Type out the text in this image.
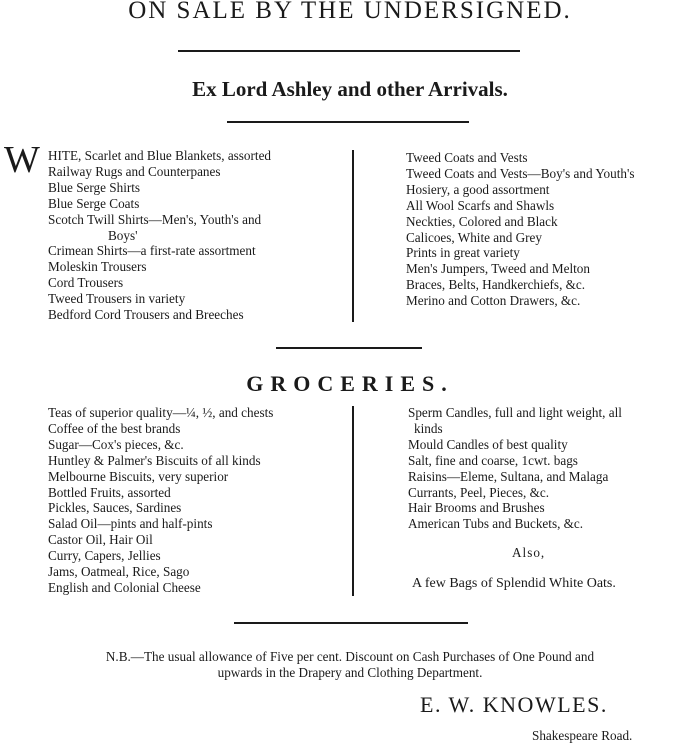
ON SALE BY THE UNDERSIGNED.
Ex Lord Ashley and other Arrivals.
W HITE, Scarlet and Blue Blankets, assorted
Railway Rugs and Counterpanes
Blue Serge Shirts
Blue Serge Coats
Scotch Twill Shirts—Men's, Youth's and
Boys'
Crimean Shirts—a first-rate assortment
Moleskin Trousers
Cord Trousers
Tweed Trousers in variety
Bedford Cord Trousers and Breeches
Tweed Coats and Vests
Tweed Coats and Vests—Boy's and Youth's
Hosiery, a good assortment
All Wool Scarfs and Shawls
Neckties, Colored and Black
Calicoes, White and Grey
Prints in great variety
Men's Jumpers, Tweed and Melton
Braces, Belts, Handkerchiefs, &c.
Merino and Cotton Drawers, &c.
GROCERIES.
Teas of superior quality—¼, ½, and chests
Coffee of the best brands
Sugar—Cox's pieces, &c.
Huntley & Palmer's Biscuits of all kinds
Melbourne Biscuits, very superior
Bottled Fruits, assorted
Pickles, Sauces, Sardines
Salad Oil—pints and half-pints
Castor Oil, Hair Oil
Curry, Capers, Jellies
Jams, Oatmeal, Rice, Sago
English and Colonial Cheese
Sperm Candles, full and light weight, all
kinds
Mould Candles of best quality
Salt, fine and coarse, 1cwt. bags
Raisins—Eleme, Sultana, and Malaga
Currants, Peel, Pieces, &c.
Hair Brooms and Brushes
American Tubs and Buckets, &c.
Also,
A few Bags of Splendid White Oats.
N.B.—The usual allowance of Five per cent. Discount on Cash Purchases of One Pound and
upwards in the Drapery and Clothing Department.
E. W. KNOWLES.
Shakespeare Road.
